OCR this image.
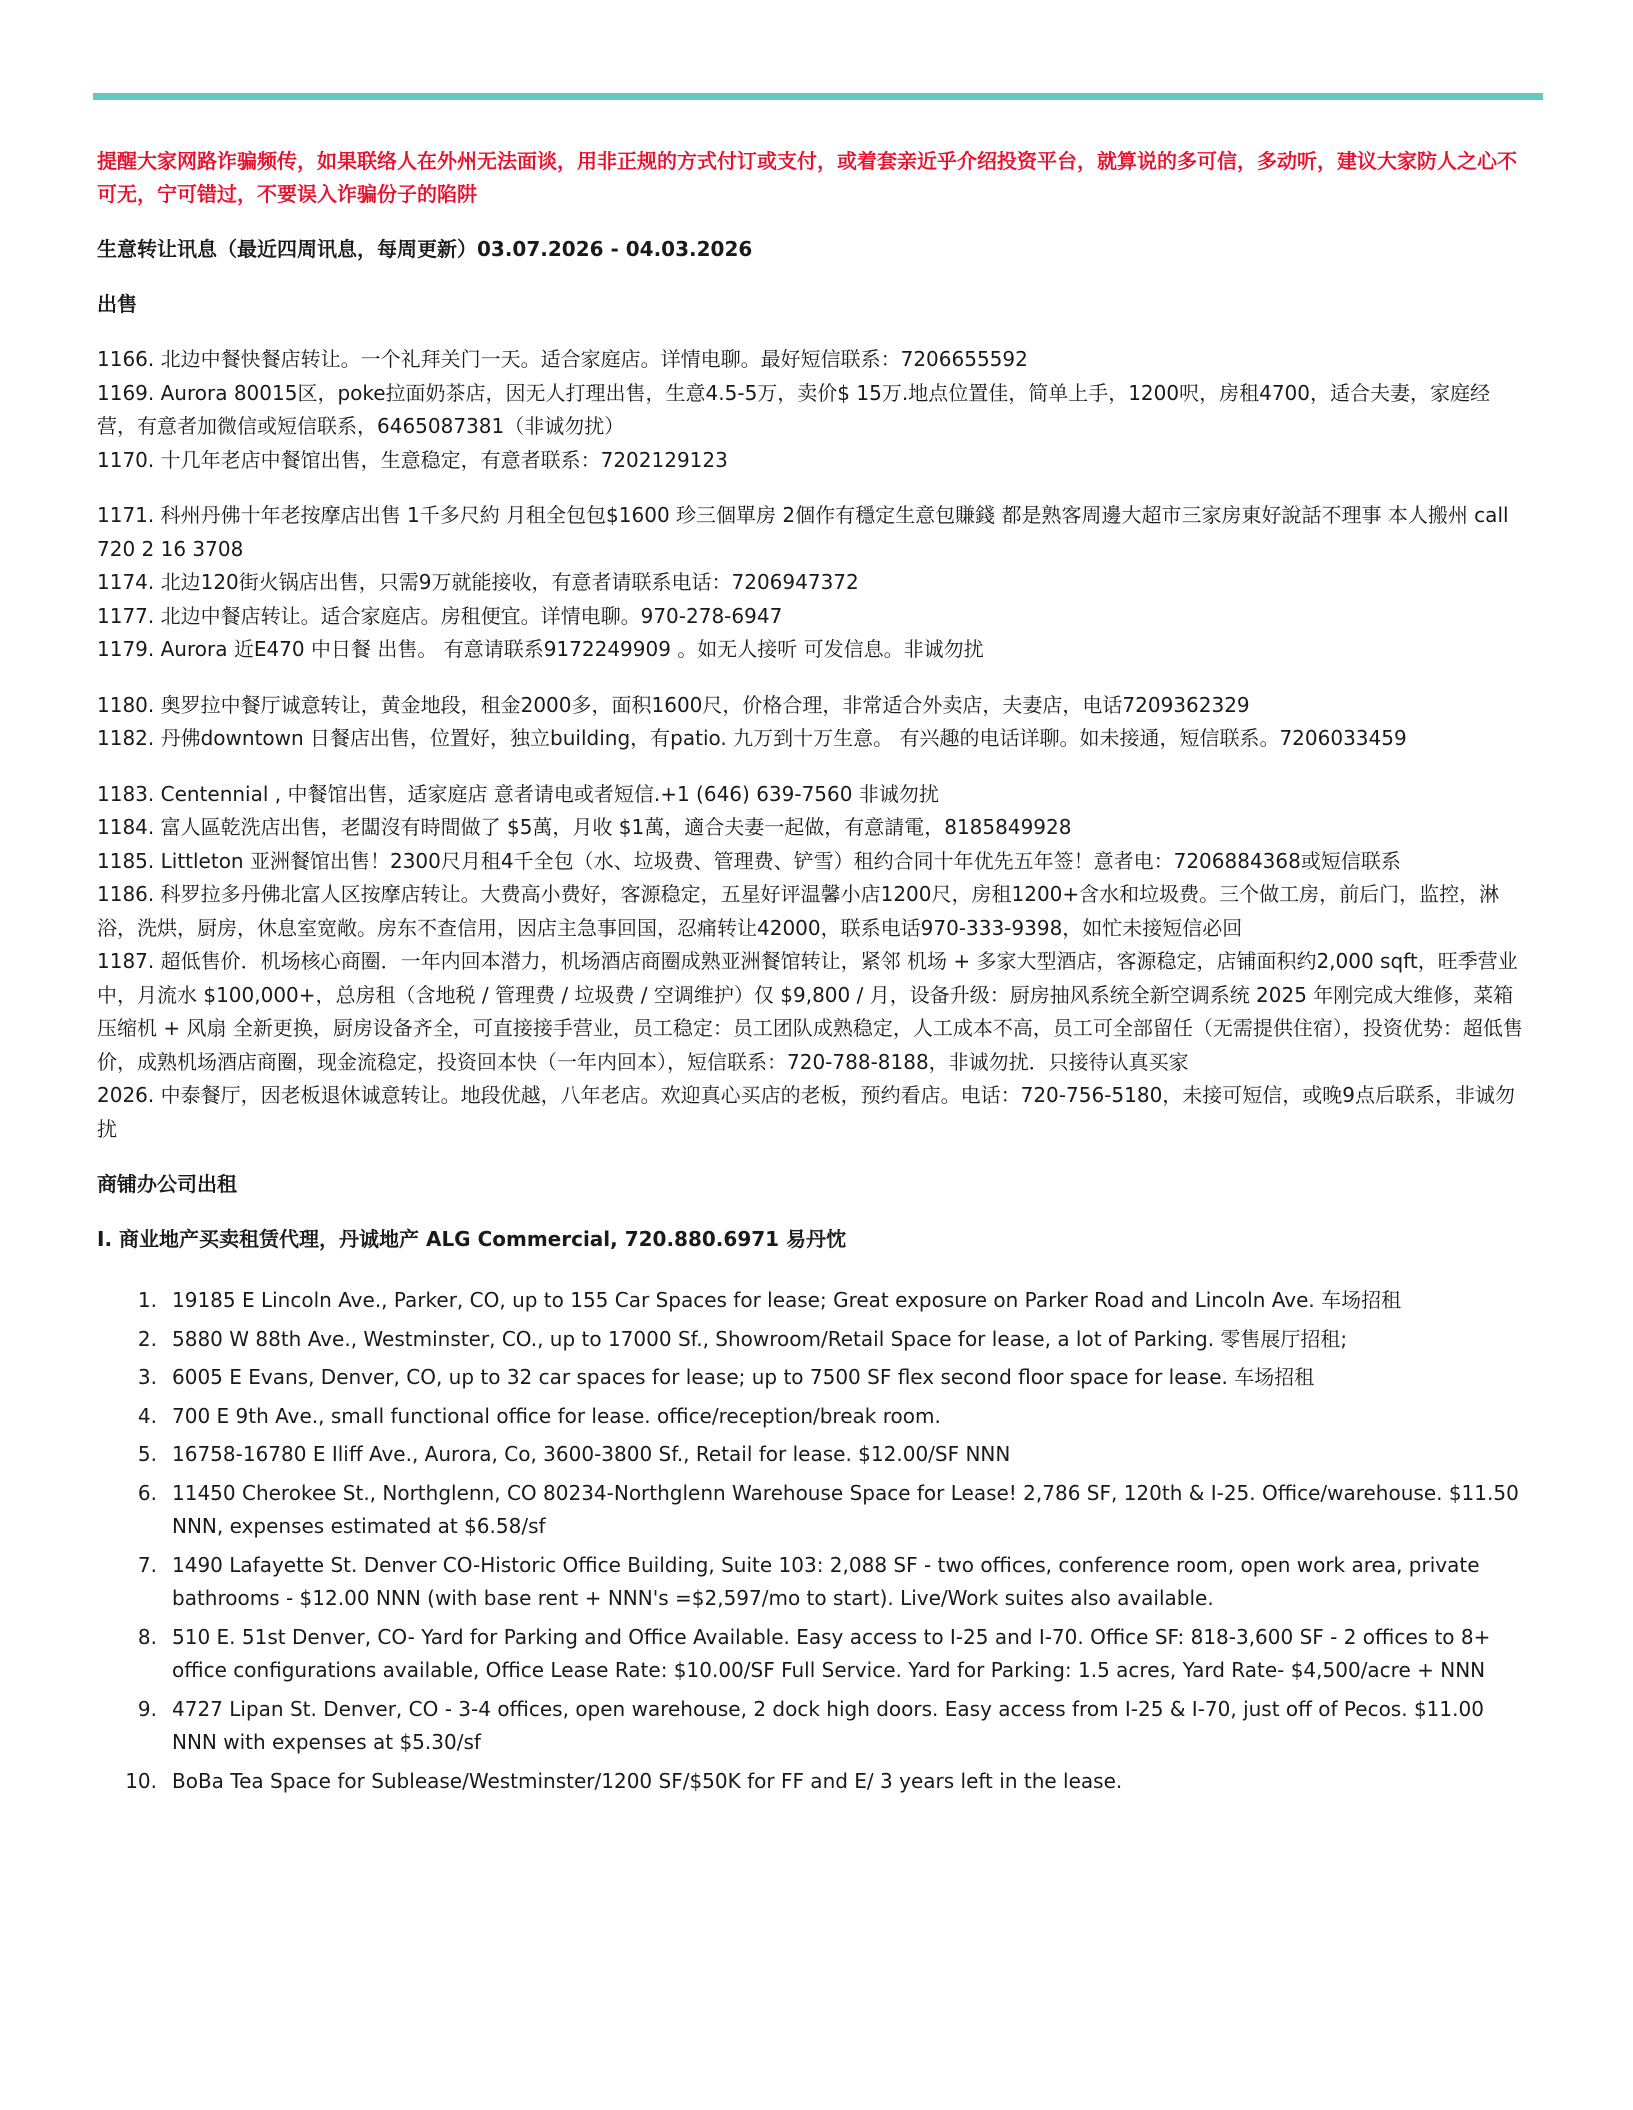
提醒大家网路诈骗频传，如果联络人在外州无法面谈，用非正规的方式付订或支付，或着套亲近乎介绍投资平台，就算说的多可信，多动听，建议大家防人之心不可无，宁可错过，不要误入诈骗份子的陷阱

生意转让讯息（最近四周讯息，每周更新）03.07.2026 - 04.03.2026

出售

1166. 北边中餐快餐店转让。一个礼拜关门一天。适合家庭店。详情电聊。最好短信联系：7206655592
1169. Aurora 80015区，poke拉面奶茶店，因无人打理出售，生意4.5-5万，卖价$ 15万.地点位置佳，简单上手，1200呎，房租4700，适合夫妻，家庭经营，有意者加微信或短信联系，6465087381（非诚勿扰）
1170. 十几年老店中餐馆出售，生意稳定，有意者联系：7202129123
1171. 科州丹佛十年老按摩店出售 1千多尺約 月租全包包$1600 珍三個單房 2個作有穩定生意包賺錢 都是熟客周邊大超市三家房東好說話不理事 本人搬州 call 720 2 16 3708
1174. 北边120街火锅店出售，只需9万就能接收，有意者请联系电话：7206947372
1177. 北边中餐店转让。适合家庭店。房租便宜。详情电聊。970-278-6947
1179. Aurora 近E470 中日餐 出售。 有意请联系9172249909 。如无人接听 可发信息。非诚勿扰
1180. 奥罗拉中餐厅诚意转让，黄金地段，租金2000多，面积1600尺，价格合理，非常适合外卖店，夫妻店，电话7209362329
1182. 丹佛downtown 日餐店出售，位置好，独立building，有patio. 九万到十万生意。 有兴趣的电话详聊。如未接通，短信联系。7206033459
1183. Centennial , 中餐馆出售，适家庭店 意者请电或者短信.+1 (646) 639-7560 非诚勿扰
1184. 富人區乾洗店出售，老闆沒有時間做了 $5萬，月收 $1萬，適合夫妻一起做，有意請電，8185849928
1185. Littleton 亚洲餐馆出售！2300尺月租4千全包（水、垃圾费、管理费、铲雪）租约合同十年优先五年签！意者电：7206884368或短信联系
1186. 科罗拉多丹佛北富人区按摩店转让。大费高小费好，客源稳定，五星好评温馨小店1200尺，房租1200+含水和垃圾费。三个做工房，前后门，监控，淋浴，洗烘，厨房，休息室宽敞。房东不查信用，因店主急事回国，忍痛转让42000，联系电话970-333-9398，如忙未接短信必回
1187. 超低售价．机场核心商圈．一年内回本潜力，机场酒店商圈成熟亚洲餐馆转让，紧邻 机场 + 多家大型酒店，客源稳定，店铺面积约2,000 sqft，旺季营业中，月流水 $100,000+，总房租（含地税 / 管理费 / 垃圾费 / 空调维护）仅 $9,800 / 月，设备升级：厨房抽风系统全新空调系统 2025 年刚完成大维修，菜箱压缩机 + 风扇 全新更换，厨房设备齐全，可直接接手营业，员工稳定：员工团队成熟稳定，人工成本不高，员工可全部留任（无需提供住宿），投资优势：超低售价，成熟机场酒店商圈，现金流稳定，投资回本快（一年内回本），短信联系：720-788-8188，非诚勿扰．只接待认真买家
2026. 中泰餐厅，因老板退休诚意转让。地段优越，八年老店。欢迎真心买店的老板，预约看店。电话：720-756-5180，未接可短信，或晚9点后联系，非诚勿扰

商铺办公司出租

I. 商业地产买卖租赁代理，丹诚地产 ALG Commercial, 720.880.6971 易丹忱

1. 19185 E Lincoln Ave., Parker, CO, up to 155 Car Spaces for lease; Great exposure on Parker Road and Lincoln Ave. 车场招租
2. 5880 W 88th Ave., Westminster, CO., up to 17000 Sf., Showroom/Retail Space for lease, a lot of Parking. 零售展厅招租;
3. 6005 E Evans, Denver, CO, up to 32 car spaces for lease; up to 7500 SF flex second floor space for lease. 车场招租
4. 700 E 9th Ave., small functional office for lease. office/reception/break room.
5. 16758-16780 E Iliff Ave., Aurora, Co, 3600-3800 Sf., Retail for lease. $12.00/SF NNN
6. 11450 Cherokee St., Northglenn, CO 80234-Northglenn Warehouse Space for Lease! 2,786 SF, 120th & I-25. Office/warehouse. $11.50 NNN, expenses estimated at $6.58/sf
7. 1490 Lafayette St. Denver CO-Historic Office Building, Suite 103: 2,088 SF - two offices, conference room, open work area, private bathrooms - $12.00 NNN (with base rent + NNN's =$2,597/mo to start). Live/Work suites also available.
8. 510 E. 51st Denver, CO- Yard for Parking and Office Available. Easy access to I-25 and I-70. Office SF: 818-3,600 SF - 2 offices to 8+ office configurations available, Office Lease Rate: $10.00/SF Full Service. Yard for Parking: 1.5 acres, Yard Rate- $4,500/acre + NNN
9. 4727 Lipan St. Denver, CO - 3-4 offices, open warehouse, 2 dock high doors. Easy access from I-25 & I-70, just off of Pecos. $11.00 NNN with expenses at $5.30/sf
10. BoBa Tea Space for Sublease/Westminster/1200 SF/$50K for FF and E/ 3 years left in the lease.
